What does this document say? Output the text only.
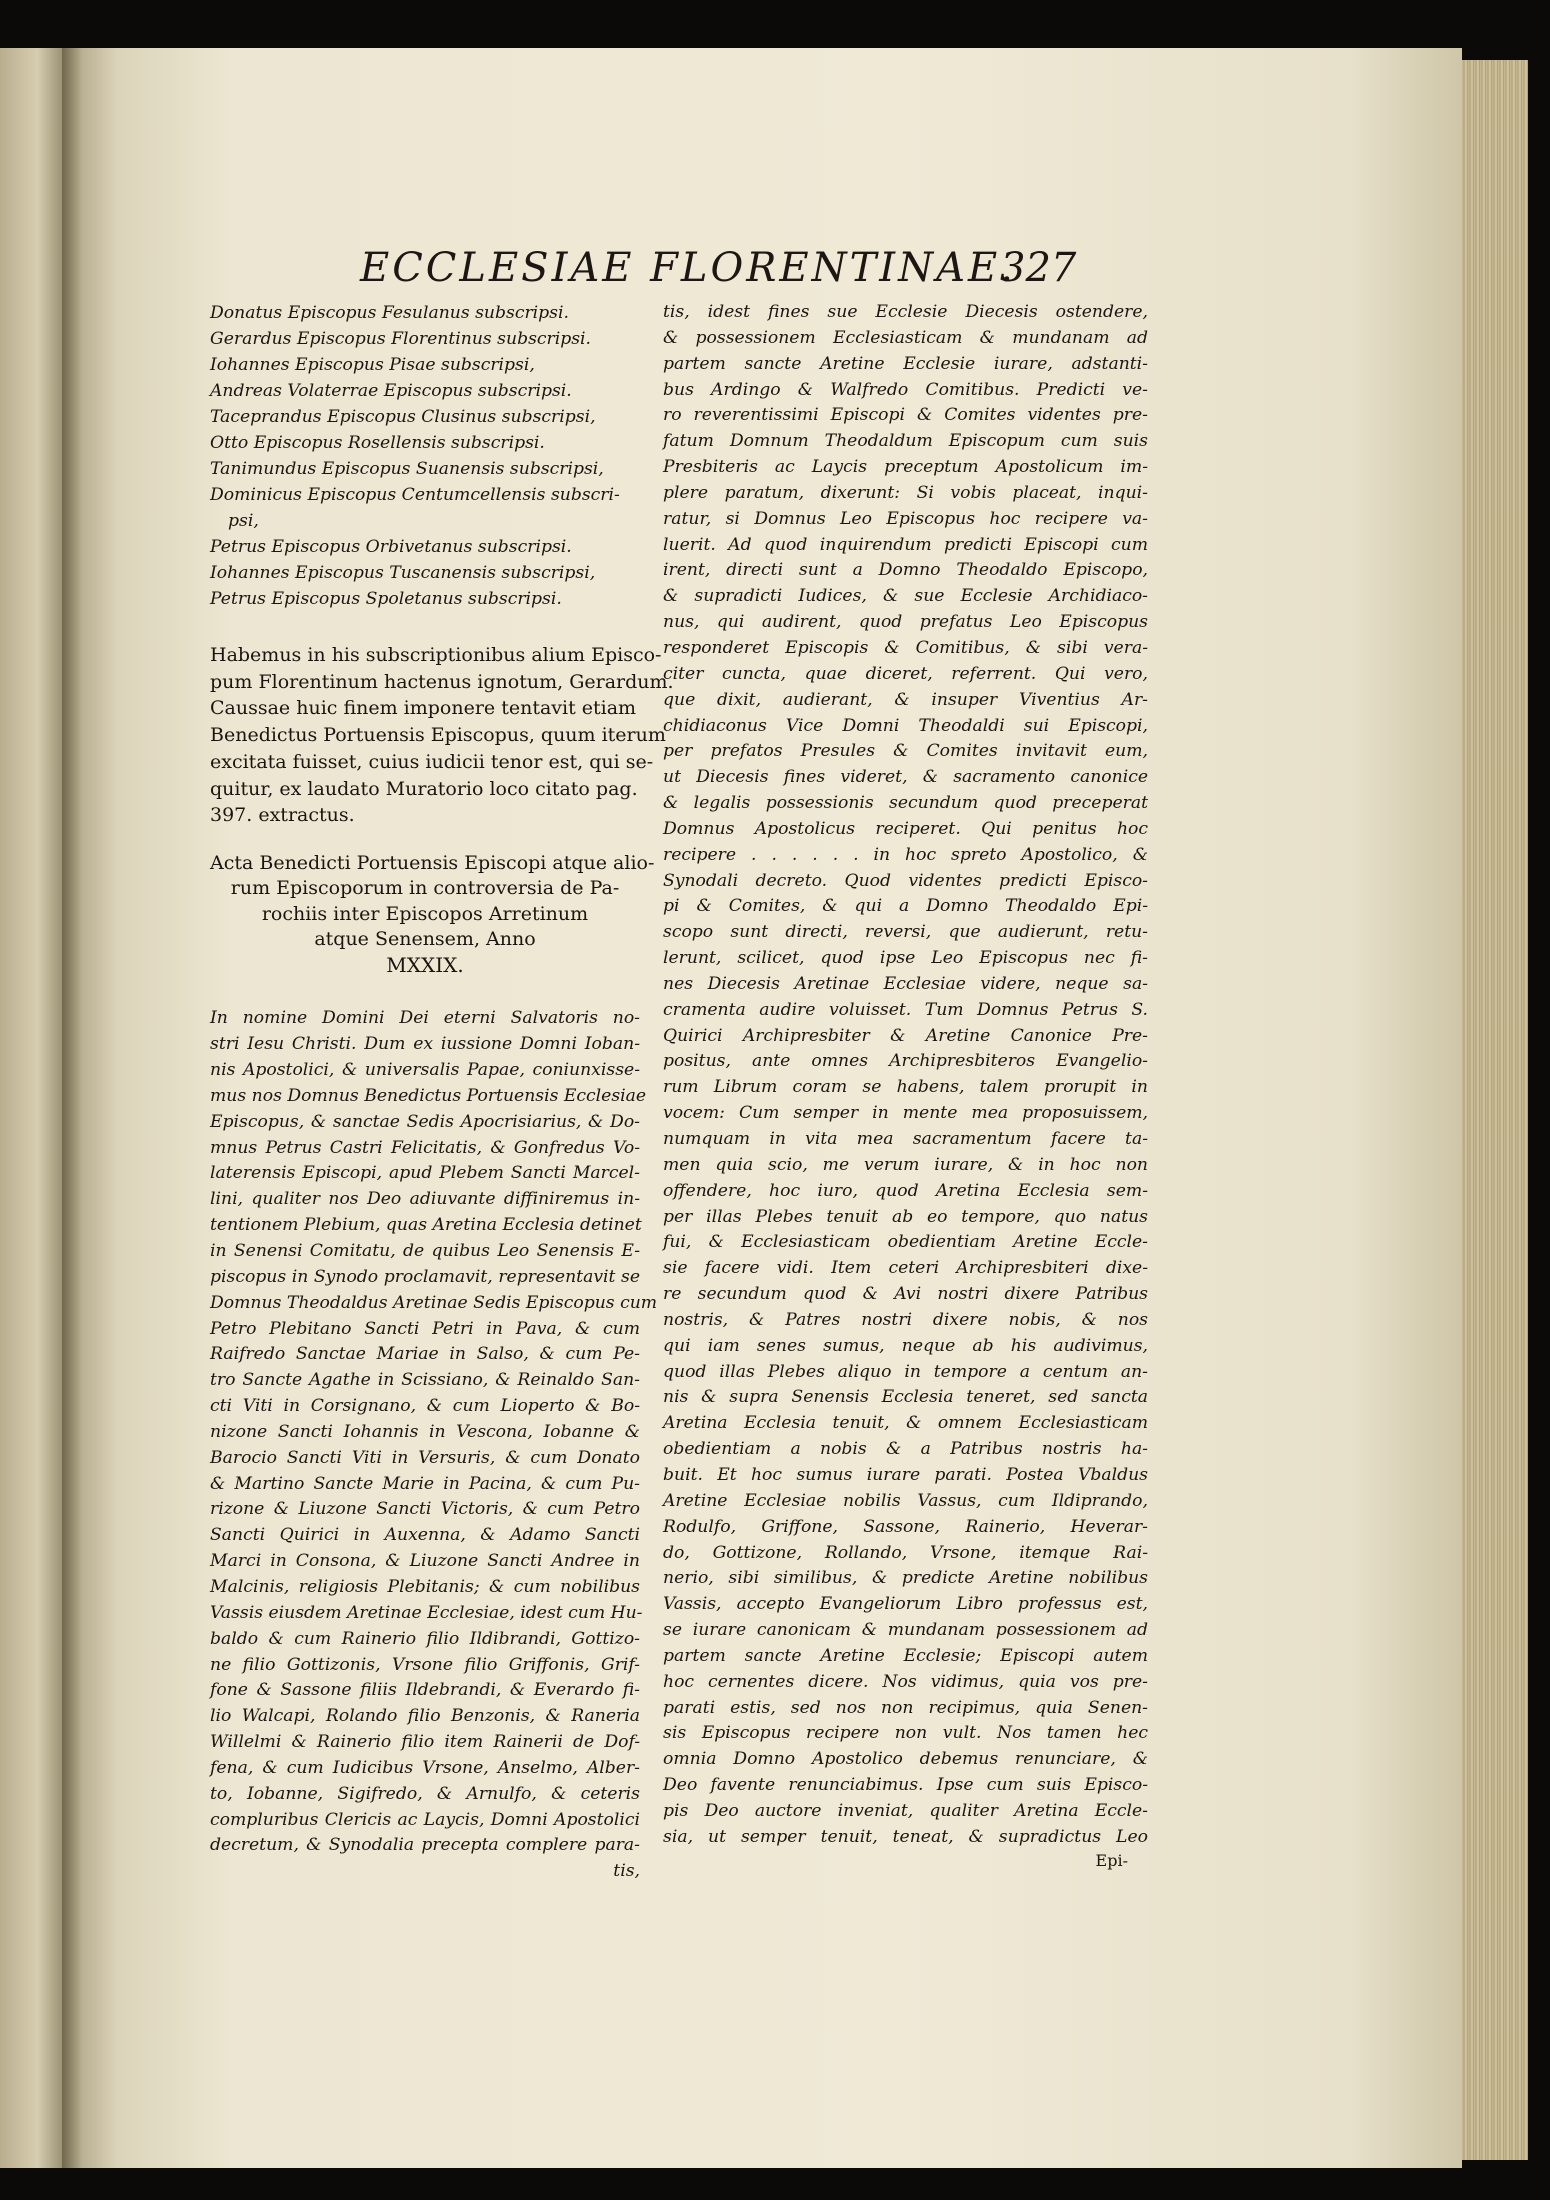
ECCLESIAE FLORENTINAE.
327
Donatus Episcopus Fesulanus subscripsi.
Gerardus Episcopus Florentinus subscripsi.
Iohannes Episcopus Pisae subscripsi,
Andreas Volaterrae Episcopus subscripsi.
Taceprandus Episcopus Clusinus subscripsi,
Otto Episcopus Rosellensis subscripsi.
Tanimundus Episcopus Suanensis subscripsi,
Dominicus Episcopus Centumcellensis subscri-
psi,
Petrus Episcopus Orbivetanus subscripsi.
Iohannes Episcopus Tuscanensis subscripsi,
Petrus Episcopus Spoletanus subscripsi.
Habemus in his subscriptionibus alium Episco-
pum Florentinum hactenus ignotum, Gerardum.
Caussae huic finem imponere tentavit etiam
Benedictus Portuensis Episcopus, quum iterum
excitata fuisset, cuius iudicii tenor est, qui se-
quitur, ex laudato Muratorio loco citato pag.
397. extractus.
Acta Benedicti Portuensis Episcopi atque alio-
rum Episcoporum in controversia de Pa-
rochiis inter Episcopos Arretinum
atque Senensem, Anno
MXXIX.
In nomine Domini Dei eterni Salvatoris no-
stri Iesu Christi. Dum ex iussione Domni Ioban-
nis Apostolici, & universalis Papae, coniunxisse-
mus nos Domnus Benedictus Portuensis Ecclesiae
Episcopus, & sanctae Sedis Apocrisiarius, & Do-
mnus Petrus Castri Felicitatis, & Gonfredus Vo-
laterensis Episcopi, apud Plebem Sancti Marcel-
lini, qualiter nos Deo adiuvante diffiniremus in-
tentionem Plebium, quas Aretina Ecclesia detinet
in Senensi Comitatu, de quibus Leo Senensis E-
piscopus in Synodo proclamavit, representavit se
Domnus Theodaldus Aretinae Sedis Episcopus cum
Petro Plebitano Sancti Petri in Pava, & cum
Raifredo Sanctae Mariae in Salso, & cum Pe-
tro Sancte Agathe in Scissiano, & Reinaldo San-
cti Viti in Corsignano, & cum Lioperto & Bo-
nizone Sancti Iohannis in Vescona, Iobanne &
Barocio Sancti Viti in Versuris, & cum Donato
& Martino Sancte Marie in Pacina, & cum Pu-
rizone & Liuzone Sancti Victoris, & cum Petro
Sancti Quirici in Auxenna, & Adamo Sancti
Marci in Consona, & Liuzone Sancti Andree in
Malcinis, religiosis Plebitanis; & cum nobilibus
Vassis eiusdem Aretinae Ecclesiae, idest cum Hu-
baldo & cum Rainerio filio Ildibrandi, Gottizo-
ne filio Gottizonis, Vrsone filio Griffonis, Grif-
fone & Sassone filiis Ildebrandi, & Everardo fi-
lio Walcapi, Rolando filio Benzonis, & Raneria
Willelmi & Rainerio filio item Rainerii de Dof-
fena, & cum Iudicibus Vrsone, Anselmo, Alber-
to, Iobanne, Sigifredo, & Arnulfo, & ceteris
compluribus Clericis ac Laycis, Domni Apostolici
decretum, & Synodalia precepta complere para-
tis,
tis, idest fines sue Ecclesie Diecesis ostendere,
& possessionem Ecclesiasticam & mundanam ad
partem sancte Aretine Ecclesie iurare, adstanti-
bus Ardingo & Walfredo Comitibus. Predicti ve-
ro reverentissimi Episcopi & Comites videntes pre-
fatum Domnum Theodaldum Episcopum cum suis
Presbiteris ac Laycis preceptum Apostolicum im-
plere paratum, dixerunt: Si vobis placeat, inqui-
ratur, si Domnus Leo Episcopus hoc recipere va-
luerit. Ad quod inquirendum predicti Episcopi cum
irent, directi sunt a Domno Theodaldo Episcopo,
& supradicti Iudices, & sue Ecclesie Archidiaco-
nus, qui audirent, quod prefatus Leo Episcopus
responderet Episcopis & Comitibus, & sibi vera-
citer cuncta, quae diceret, referrent. Qui vero,
que dixit, audierant, & insuper Viventius Ar-
chidiaconus Vice Domni Theodaldi sui Episcopi,
per prefatos Presules & Comites invitavit eum,
ut Diecesis fines videret, & sacramento canonice
& legalis possessionis secundum quod preceperat
Domnus Apostolicus reciperet. Qui penitus hoc
recipere . . . . . . in hoc spreto Apostolico, &
Synodali decreto. Quod videntes predicti Episco-
pi & Comites, & qui a Domno Theodaldo Epi-
scopo sunt directi, reversi, que audierunt, retu-
lerunt, scilicet, quod ipse Leo Episcopus nec fi-
nes Diecesis Aretinae Ecclesiae videre, neque sa-
cramenta audire voluisset. Tum Domnus Petrus S.
Quirici Archipresbiter & Aretine Canonice Pre-
positus, ante omnes Archipresbiteros Evangelio-
rum Librum coram se habens, talem prorupit in
vocem: Cum semper in mente mea proposuissem,
numquam in vita mea sacramentum facere ta-
men quia scio, me verum iurare, & in hoc non
offendere, hoc iuro, quod Aretina Ecclesia sem-
per illas Plebes tenuit ab eo tempore, quo natus
fui, & Ecclesiasticam obedientiam Aretine Eccle-
sie facere vidi. Item ceteri Archipresbiteri dixe-
re secundum quod & Avi nostri dixere Patribus
nostris, & Patres nostri dixere nobis, & nos
qui iam senes sumus, neque ab his audivimus,
quod illas Plebes aliquo in tempore a centum an-
nis & supra Senensis Ecclesia teneret, sed sancta
Aretina Ecclesia tenuit, & omnem Ecclesiasticam
obedientiam a nobis & a Patribus nostris ha-
buit. Et hoc sumus iurare parati. Postea Vbaldus
Aretine Ecclesiae nobilis Vassus, cum Ildiprando,
Rodulfo, Griffone, Sassone, Rainerio, Heverar-
do, Gottizone, Rollando, Vrsone, itemque Rai-
nerio, sibi similibus, & predicte Aretine nobilibus
Vassis, accepto Evangeliorum Libro professus est,
se iurare canonicam & mundanam possessionem ad
partem sancte Aretine Ecclesie; Episcopi autem
hoc cernentes dicere. Nos vidimus, quia vos pre-
parati estis, sed nos non recipimus, quia Senen-
sis Episcopus recipere non vult. Nos tamen hec
omnia Domno Apostolico debemus renunciare, &
Deo favente renunciabimus. Ipse cum suis Episco-
pis Deo auctore inveniat, qualiter Aretina Eccle-
sia, ut semper tenuit, teneat, & supradictus Leo
Epi-
